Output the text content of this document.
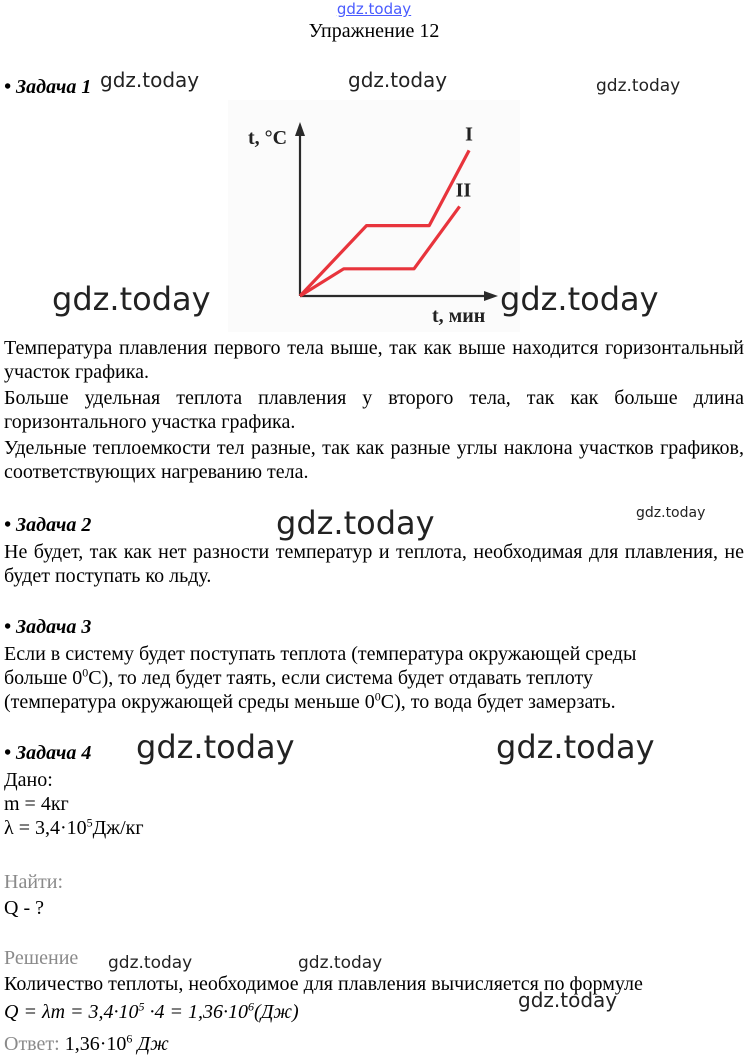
gdz.today
Упражнение 12
• Задача 1
t, °C
t, мин
I
II
gdz.today	gdz.today	gdz.today
gdz.today	gdz.today
Температура плавления первого тела выше, так как выше находится горизонтальный участок графика.
Больше удельная теплота плавления у второго тела, так как больше длина горизонтального участка графика.
Удельные теплоемкости тел разные, так как разные углы наклона участков графиков, соответствующих нагреванию тела.
• Задача 2	gdz.today	gdz.today
Не будет, так как нет разности температур и теплота, необходимая для плавления, не будет поступать ко льду.
• Задача 3
Если в систему будет поступать теплота (температура окружающей среды
больше $0^0С$), то лед будет таять, если система будет отдавать теплоту
(температура окружающей среды меньше $0^0С$), то вода будет замерзать.
• Задача 4 gdz.today	gdz.today
Дано:
m = 4кг
$\lambda = 3,4\cdot 10^5Дж/кг$
Найти:
Q - ?
Решение gdz.today	gdz.today
Количество теплоты, необходимое для плавления вычисляется по формуле
gdz.today
$Q = \lambda m = 3,4\cdot 10^5 \cdot 4 = 1,36\cdot 10^6(Дж)$
Ответ: $1,36\cdot 10^6$ Дж
